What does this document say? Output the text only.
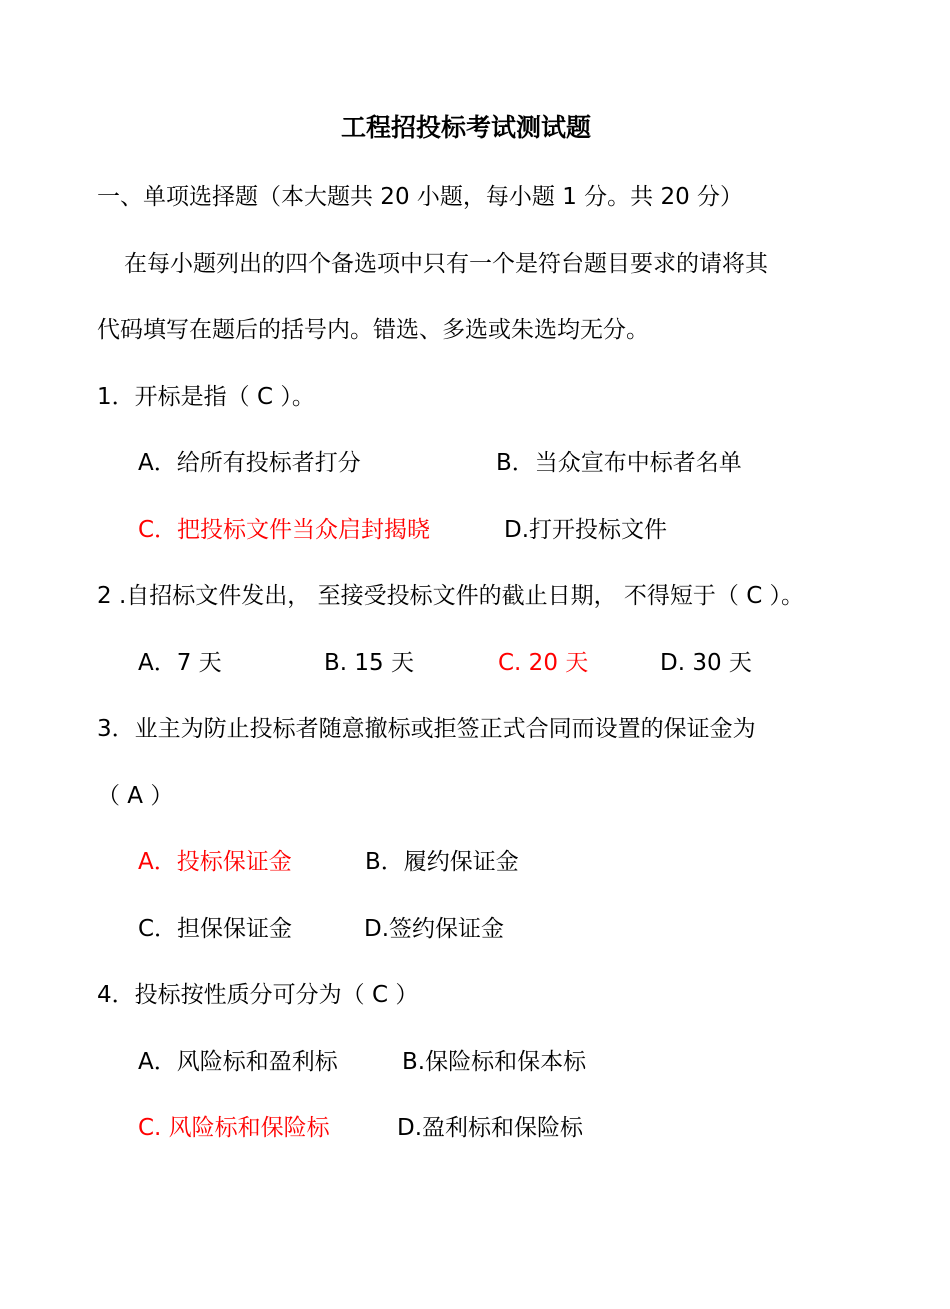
工程招投标考试测试题
一、单项选择题（本大题共 20 小题，每小题 1 分。共 20 分）
在每小题列出的四个备选项中只有一个是符台题目要求的请将其
代码填写在题后的括号内。错选、多选或朱选均无分。
1．开标是指（ C ）。
A．给所有投标者打分	B．当众宣布中标者名单
C．把投标文件当众启封揭晓	D.打开投标文件
2 .自招标文件发出， 至接受投标文件的截止日期， 不得短于（ C ）。
A．7 天	B. 15 天	C. 20 天	D. 30 天
3．业主为防止投标者随意撤标或拒签正式合同而设置的保证金为
（ A ）
A．投标保证金	B．履约保证金
C．担保保证金	D.签约保证金
4．投标按性质分可分为（ C ）
A．风险标和盈利标	B.保险标和保本标
C. 风险标和保险标	D.盈利标和保险标
